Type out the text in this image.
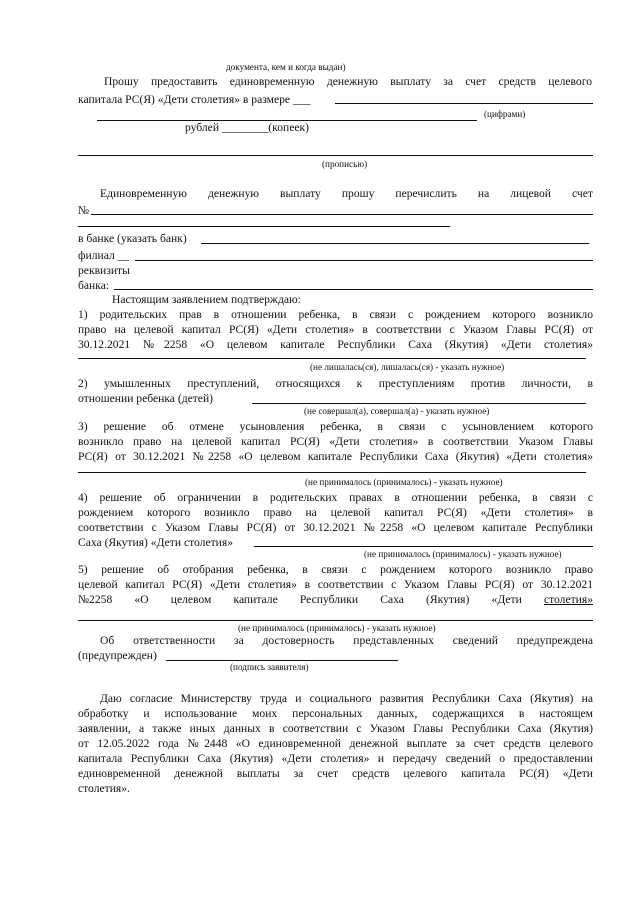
документа, кем и когда выдан)
Прошу предоставить единовременную денежную выплату за счет средств целевого
капитала РС(Я) «Дети столетия» в размере ___
(цифрами)
рублей ________(копеек)
(прописью)
Единовременную денежную выплату прошу перечислить на лицевой счет
№
в банке (указать банк)
филиал __
реквизиты
банка:
Настоящим заявлением подтверждаю:
1) родительских прав в отношении ребенка, в связи с рождением которого возникло
право на целевой капитал РС(Я) «Дети столетия» в соответствии с Указом Главы РС(Я) от
30.12.2021 №2258 «О целевом капитале Республики Саха (Якутия) «Дети столетия»
(не лишалась(ся), лишалась(ся) - указать нужное)
2) умышленных преступлений, относящихся к преступлениям против личности, в
отношении ребенка (детей)
(не совершал(а), совершал(а) - указать нужное)
3) решение об отмене усыновления ребенка, в связи с усыновлением которого
возникло право на целевой капитал РС(Я) «Дети столетия» в соответствии Указом Главы
РС(Я) от 30.12.2021 №2258 «О целевом капитале Республики Саха (Якутия) «Дети столетия»
(не принималось (принималось) - указать нужное)
4) решение об ограничении в родительских правах в отношении ребенка, в связи с
рождением которого возникло право на целевой капитал РС(Я) «Дети столетия» в
соответствии с Указом Главы РС(Я) от 30.12.2021 №2258 «О целевом капитале Республики
Саха (Якутия) «Дети столетия»
(не принималось (принималось) - указать нужное)
5) решение об отобрания ребенка, в связи с рождением которого возникло право
целевой капитал РС(Я) «Дети столетия» в соответствии с Указом Главы РС(Я) от 30.12.2021
№2258 «О целевом капитале Республики Саха (Якутия) «Дети столетия»
(не принималось (принималось) - указать нужное)
Об ответственности за достоверность представленных сведений предупреждена
(предупрежден)
(подпись заявителя)
Даю согласие Министерству труда и социального развития Республики Саха (Якутия) на
обработку и использование моих персональных данных, содержащихся в настоящем
заявлении, а также иных данных в соответствии с Указом Главы Республики Саха (Якутия)
от 12.05.2022 года №2448 «О единовременной денежной выплате за счет средств целевого
капитала Республики Саха (Якутия) «Дети столетия» и передачу сведений о предоставлении
единовременной денежной выплаты за счет средств целевого капитала РС(Я) «Дети
столетия».
